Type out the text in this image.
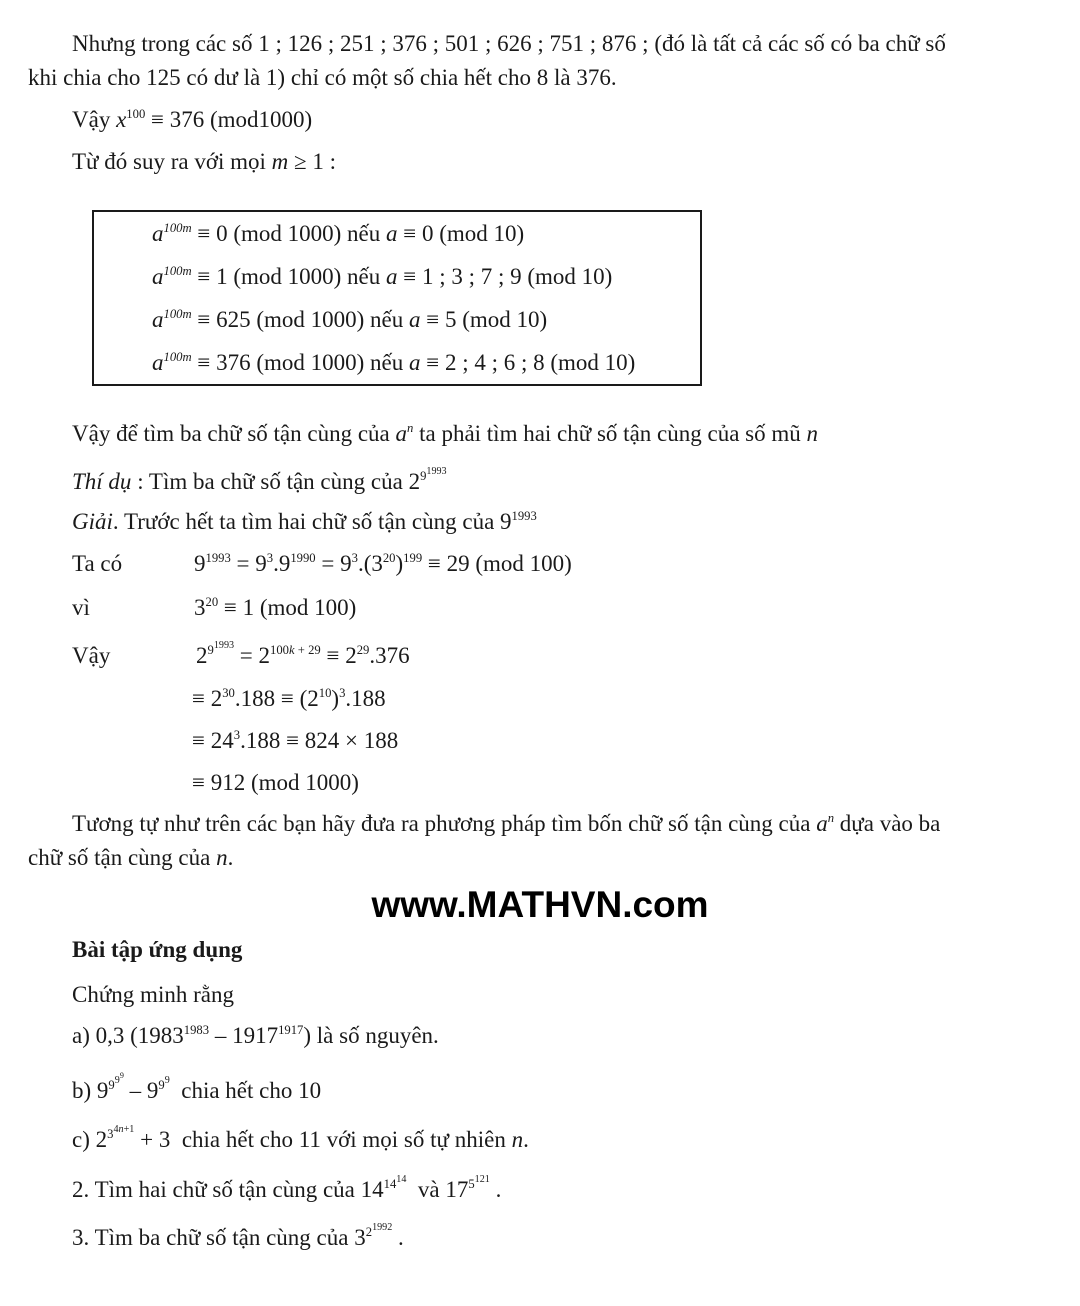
Nhưng trong các số 1 ; 126 ; 251 ; 376 ; 501 ; 626 ; 751 ; 876 ; (đó là tất cả các số có ba chữ số
khi chia cho 125 có dư là 1) chỉ có một số chia hết cho 8 là 376.
Vậy $x^{100} \equiv 376$ (mod1000)
Từ đó suy ra với mọi m ≥ 1 :
$a^{100m} \equiv 0$ (mod 1000) nếu a ≡ 0 (mod 10)
$a^{100m} \equiv 1$ (mod 1000) nếu a ≡ 1 ; 3 ; 7 ; 9 (mod 10)
$a^{100m} \equiv 625$ (mod 1000) nếu a ≡ 5 (mod 10)
$a^{100m} \equiv 376$ (mod 1000) nếu a ≡ 2 ; 4 ; 6 ; 8 (mod 10)
Vậy để tìm ba chữ số tận cùng của $a^n$ ta phải tìm hai chữ số tận cùng của số mũ n
Thí dụ : Tìm ba chữ số tận cùng của $2^{9^{1993}}$
Giải. Trước hết ta tìm hai chữ số tận cùng của $9^{1993}$
Ta có	$9^{1993} = 9^3.9^{1990} = 9^3.(3^{20})^{199} \equiv 29$ (mod 100)
vì	$3^{20} \equiv 1$ (mod 100)
Vậy	$2^{9^{1993}} = 2^{100k + 29} \equiv 2^{29}.376$
≡ $2^{30}.188 \equiv (2^{10})^3.188$
≡ $24^3.188 \equiv 824 \times 188$
≡ 912 (mod 1000)
Tương tự như trên các bạn hãy đưa ra phương pháp tìm bốn chữ số tận cùng của $a^n$ dựa vào ba
chữ số tận cùng của n.
www.MATHVN.com
Bài tập ứng dụng
Chứng minh rằng
a) 0,3 $(1983^{1983} - 1917^{1917})$ là số nguyên.
b) $9^{9^{9^9}} - 9^{9^9}$ chia hết cho 10
c) $2^{3^{4n+1}} + 3$  chia hết cho 11 với mọi số tự nhiên n.
2. Tìm hai chữ số tận cùng của $14^{14^{14}}$ và $17^{5^{121}}$ .
3. Tìm ba chữ số tận cùng của $3^{2^{1992}}$ .
